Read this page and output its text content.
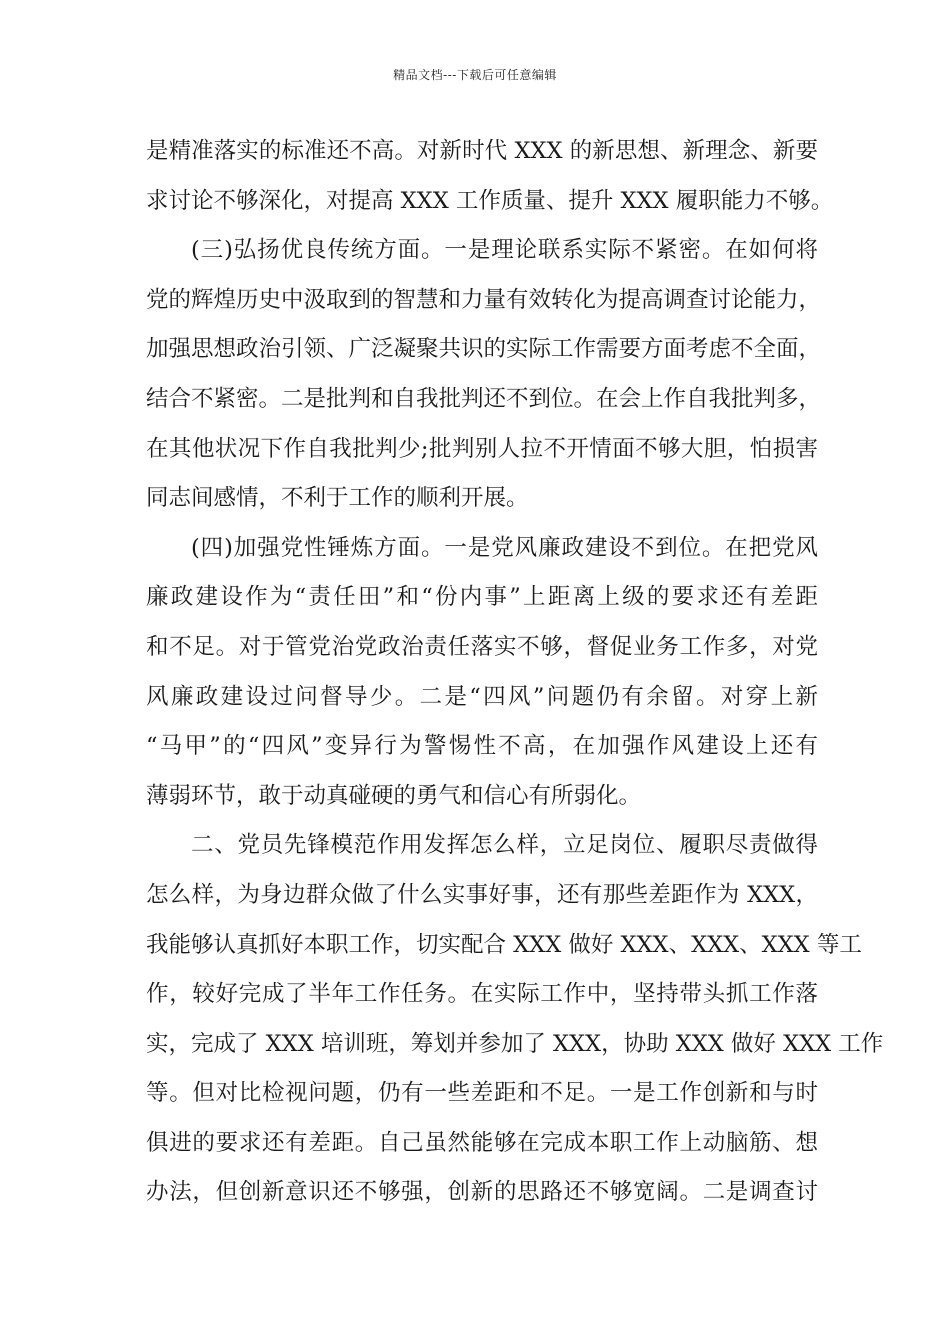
精品文档---下载后可任意编辑
是精准落实的标准还不高。对新时代 XXX 的新思想、新理念、新要
求讨论不够深化，对提高 XXX 工作质量、提升 XXX 履职能力不够。
(三)弘扬优良传统方面。一是理论联系实际不紧密。在如何将
党的辉煌历史中汲取到的智慧和力量有效转化为提高调查讨论能力，
加强思想政治引领、广泛凝聚共识的实际工作需要方面考虑不全面，
结合不紧密。二是批判和自我批判还不到位。在会上作自我批判多，
在其他状况下作自我批判少;批判别人拉不开情面不够大胆，怕损害
同志间感情，不利于工作的顺利开展。
(四)加强党性锤炼方面。一是党风廉政建设不到位。在把党风
廉政建设作为“责任田”和“份内事”上距离上级的要求还有差距
和不足。对于管党治党政治责任落实不够，督促业务工作多，对党
风廉政建设过问督导少。二是“四风”问题仍有余留。对穿上新
“马甲”的“四风”变异行为警惕性不高，在加强作风建设上还有
薄弱环节，敢于动真碰硬的勇气和信心有所弱化。
二、党员先锋模范作用发挥怎么样，立足岗位、履职尽责做得
怎么样，为身边群众做了什么实事好事，还有那些差距作为 XXX，
我能够认真抓好本职工作，切实配合 XXX 做好 XXX、XXX、XXX 等工
作，较好完成了半年工作任务。在实际工作中，坚持带头抓工作落
实，完成了 XXX 培训班，筹划并参加了 XXX，协助 XXX 做好 XXX 工作
等。但对比检视问题，仍有一些差距和不足。一是工作创新和与时
俱进的要求还有差距。自己虽然能够在完成本职工作上动脑筋、想
办法，但创新意识还不够强，创新的思路还不够宽阔。二是调查讨
